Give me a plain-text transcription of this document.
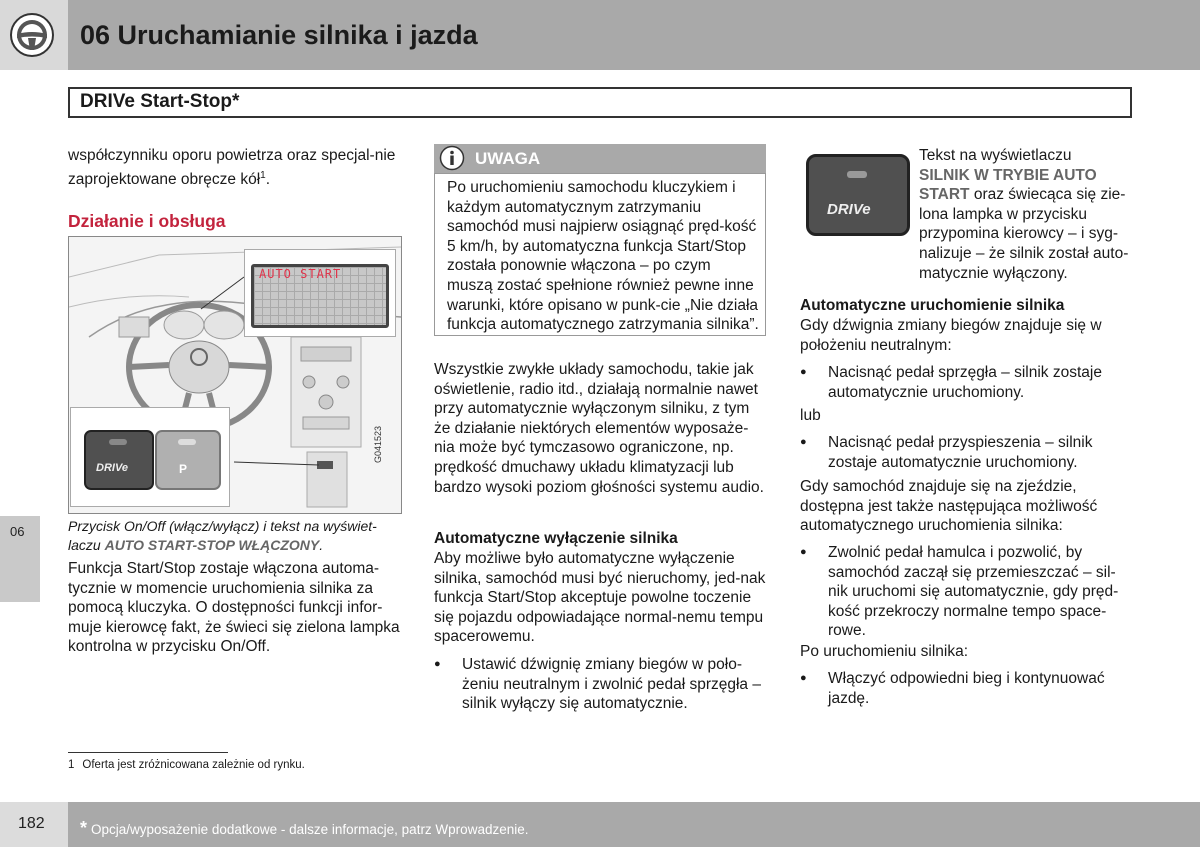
06 Uruchamianie silnika i jazda
DRIVe Start-Stop*
06
współczynniku oporu powietrza oraz specjal-nie zaprojektowane obręcze kół$^1$.
Działanie i obsługa
AUTO START
DRIVe	P
G041523
Przycisk On/Off (włącz/wyłącz) i tekst na wyświet-laczu AUTO START-STOP WŁĄCZONY.
Funkcja Start/Stop zostaje włączona automa-tycznie w momencie uruchomienia silnika za pomocą kluczyka. O dostępności funkcji infor-muje kierowcę fakt, że świeci się zielona lampka kontrolna w przycisku On/Off.
UWAGA
Po uruchomieniu samochodu kluczykiem i każdym automatycznym zatrzymaniu samochód musi najpierw osiągnąć pręd-kość 5 km/h, by automatyczna funkcja Start/Stop została ponownie włączona – po czym muszą zostać spełnione również pewne inne warunki, które opisano w punk-cie „Nie działa funkcja automatycznego zatrzymania silnika”.
Wszystkie zwykłe układy samochodu, takie jak oświetlenie, radio itd., działają normalnie nawet przy automatycznie wyłączonym silniku, z tym że działanie niektórych elementów wyposaże-nia może być tymczasowo ograniczone, np. prędkość dmuchawy układu klimatyzacji lub bardzo wysoki poziom głośności systemu audio.
Automatyczne wyłączenie silnika
Aby możliwe było automatyczne wyłączenie silnika, samochód musi być nieruchomy, jed-nak funkcja Start/Stop akceptuje powolne toczenie się pojazdu odpowiadające normal-nemu tempu spacerowemu.
● Ustawić dźwignię zmiany biegów w poło-żeniu neutralnym i zwolnić pedał sprzęgła – silnik wyłączy się automatycznie.
DRIVe
Tekst na wyświetlaczu
SILNIK W TRYBIE AUTO START oraz świecąca się zie-lona lampka w przycisku przypomina kierowcy – i syg-nalizuje – że silnik został auto-matycznie wyłączony.
Automatyczne uruchomienie silnika
Gdy dźwignia zmiany biegów znajduje się w położeniu neutralnym:
● Nacisnąć pedał sprzęgła – silnik zostaje automatycznie uruchomiony.
lub
● Nacisnąć pedał przyspieszenia – silnik zostaje automatycznie uruchomiony.
Gdy samochód znajduje się na zjeździe, dostępna jest także następująca możliwość automatycznego uruchomienia silnika:
● Zwolnić pedał hamulca i pozwolić, by samochód zaczął się przemieszczać – sil-nik uruchomi się automatycznie, gdy pręd-kość przekroczy normalne tempo space-rowe.
Po uruchomieniu silnika:
● Włączyć odpowiedni bieg i kontynuować jazdę.
1 Oferta jest zróżnicowana zależnie od rynku.
182 * Opcja/wyposażenie dodatkowe - dalsze informacje, patrz Wprowadzenie.
